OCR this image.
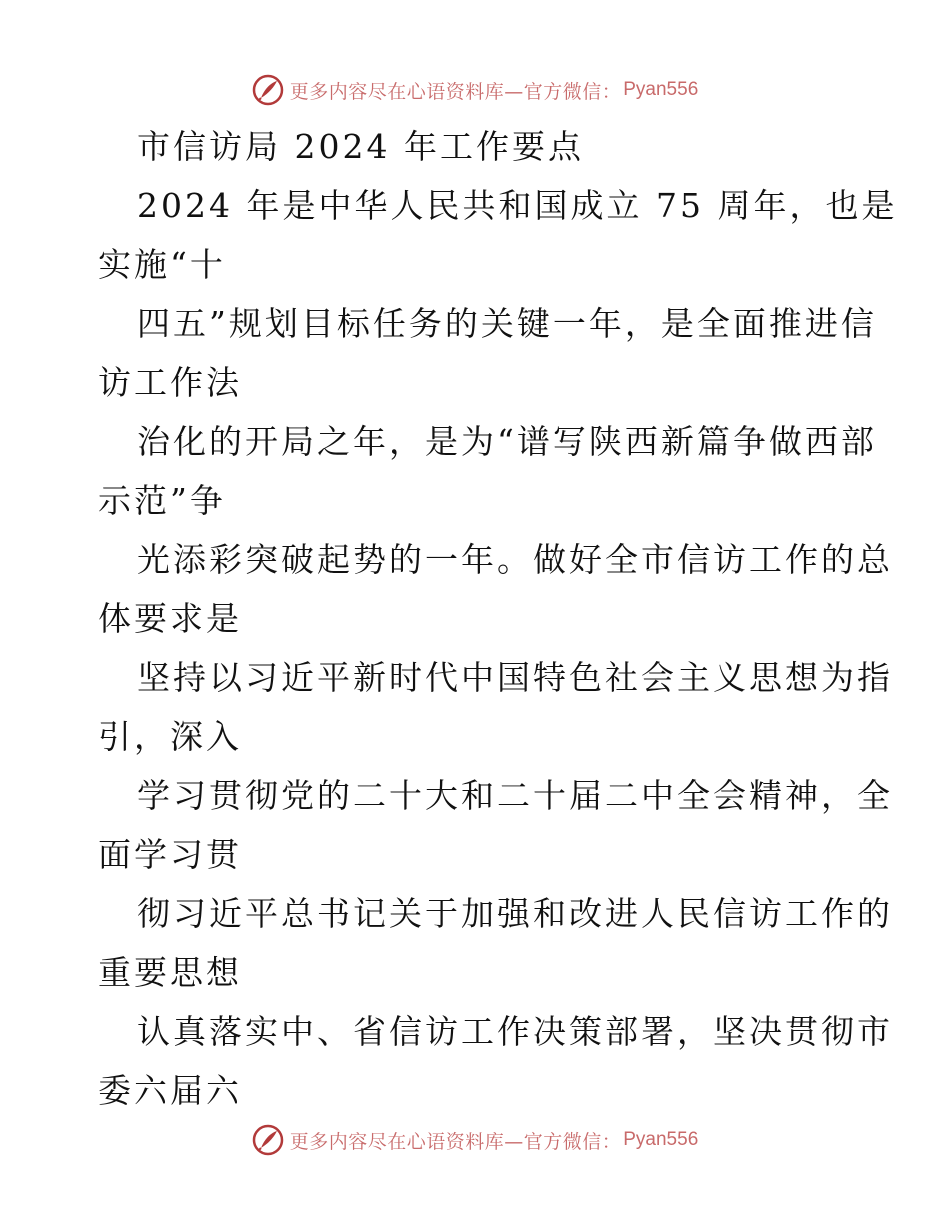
更多内容尽在心语资料库—官方微信： Pyan556
市信访局 2024 年工作要点
2024 年是中华人民共和国成立 75 周年，也是
实施“十
四五”规划目标任务的关键一年，是全面推进信
访工作法
治化的开局之年，是为“谱写陕西新篇争做西部
示范”争
光添彩突破起势的一年。做好全市信访工作的总
体要求是
坚持以习近平新时代中国特色社会主义思想为指
引，深入
学习贯彻党的二十大和二十届二中全会精神，全
面学习贯
彻习近平总书记关于加强和改进人民信访工作的
重要思想
认真落实中、省信访工作决策部署，坚决贯彻市
委六届六
更多内容尽在心语资料库—官方微信： Pyan556
